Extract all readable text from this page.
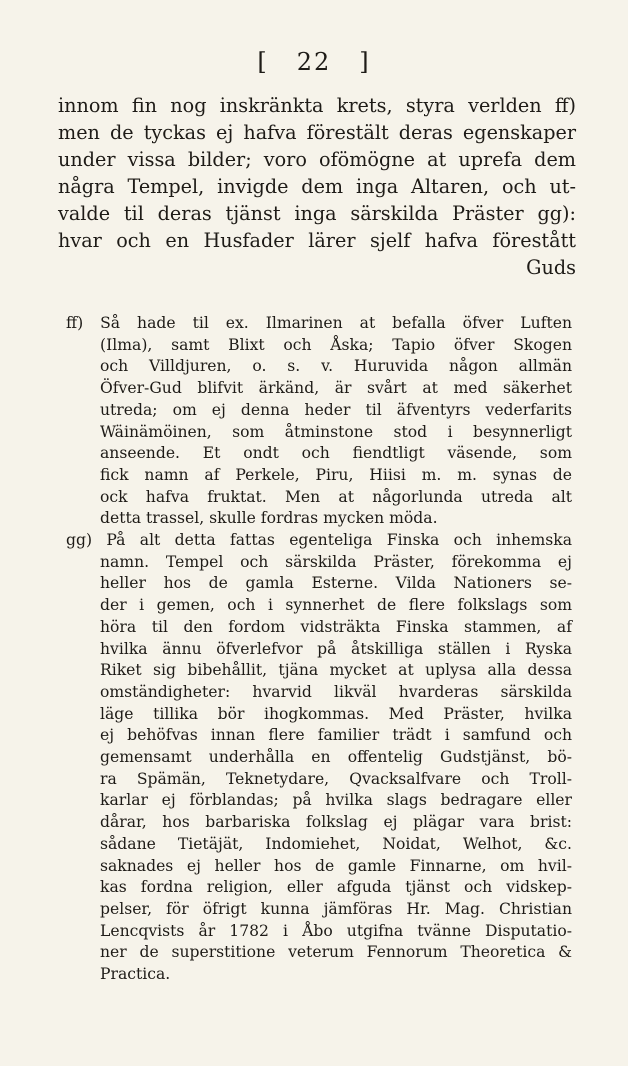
[ 22 ]
innom fin nog inskränkta krets, styra verlden ff)
men de tyckas ej hafva förestält deras egenskaper
under vissa bilder; voro ofömögne at uprefa dem
några Tempel, invigde dem inga Altaren, och ut-
valde til deras tjänst inga särskilda Präster gg):
hvar och en Husfader lärer sjelf hafva förestått
Guds
ff) Så hade til ex. Ilmarinen at befalla öfver Luften
(Ilma), samt Blixt och Åska; Tapio öfver Skogen
och Villdjuren, o. s. v. Huruvida någon allmän
Öfver-Gud blifvit ärkänd, är svårt at med säkerhet
utreda; om ej denna heder til äfventyrs vederfarits
Wäinämöinen, som åtminstone stod i besynnerligt
anseende. Et ondt och fiendtligt väsende, som
fick namn af Perkele, Piru, Hiisi m. m. synas de
ock hafva fruktat. Men at någorlunda utreda alt
detta trassel, skulle fordras mycken möda.
gg) På alt detta fattas egenteliga Finska och inhemska
namn. Tempel och särskilda Präster, förekomma ej
heller hos de gamla Esterne. Vilda Nationers se-
der i gemen, och i synnerhet de flere folkslags som
höra til den fordom vidsträkta Finska stammen, af
hvilka ännu öfverlefvor på åtskilliga ställen i Ryska
Riket sig bibehållit, tjäna mycket at uplysa alla dessa
omständigheter: hvarvid likväl hvarderas särskilda
läge tillika bör ihogkommas. Med Präster, hvilka
ej behöfvas innan flere familier trädt i samfund och
gemensamt underhålla en offentelig Gudstjänst, bö-
ra Spämän, Teknetydare, Qvacksalfvare och Troll-
karlar ej förblandas; på hvilka slags bedragare eller
dårar, hos barbariska folkslag ej plägar vara brist:
sådane Tietäjät, Indomiehet, Noidat, Welhot, &c.
saknades ej heller hos de gamle Finnarne, om hvil-
kas fordna religion, eller afguda tjänst och vidskep-
pelser, för öfrigt kunna jämföras Hr. Mag. Christian
Lencqvists år 1782 i Åbo utgifna tvänne Disputatio-
ner de superstitione veterum Fennorum Theoretica &
Practica.
